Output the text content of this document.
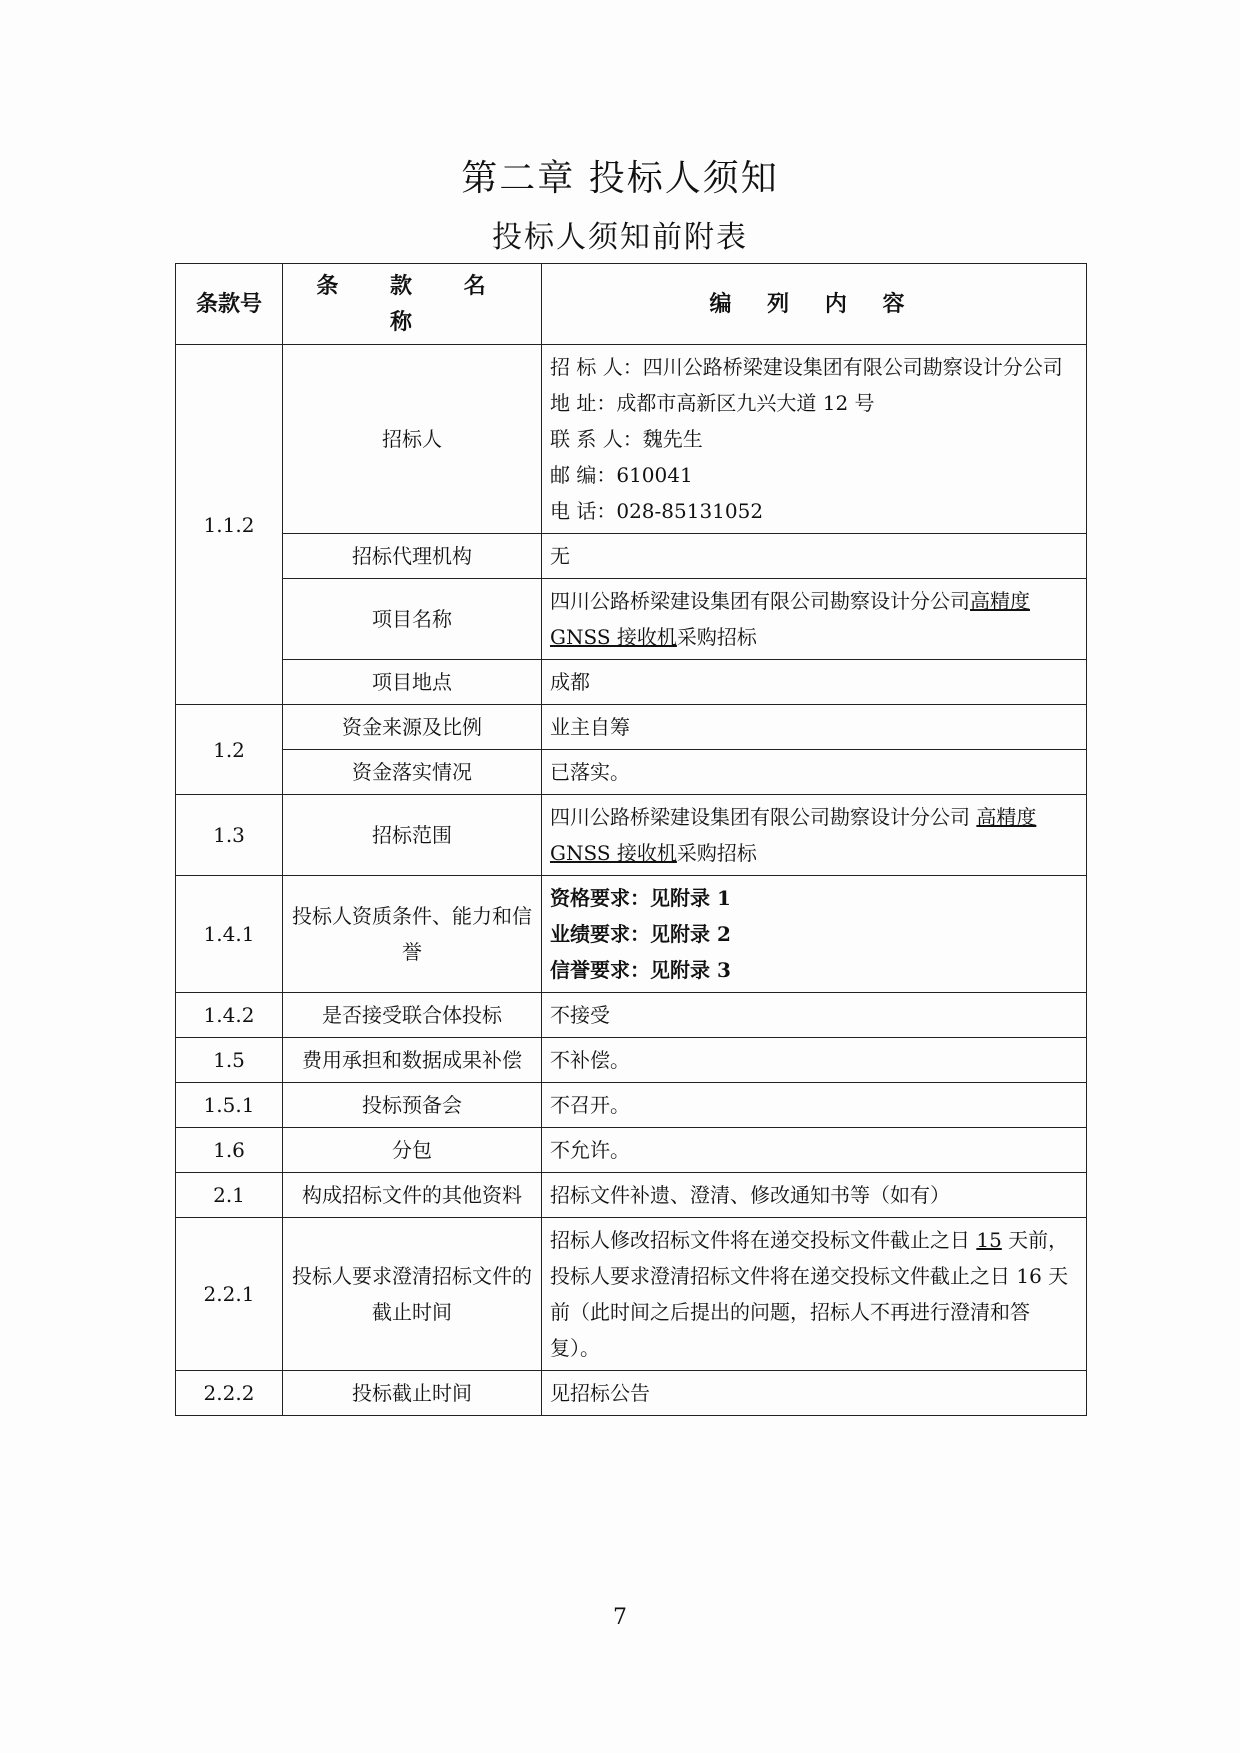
第二章 投标人须知
投标人须知前附表
条款号	条 款 名 称	编 列 内 容
1.1.2	招标人	招 标 人：四川公路桥梁建设集团有限公司勘察设计分公司
地 址：成都市高新区九兴大道 12 号
联 系 人：魏先生
邮 编：610041
电 话：028-85131052

	招标代理机构	无
	项目名称	四川公路桥梁建设集团有限公司勘察设计分公司高精度 GNSS 接收机采购招标
	项目地点	成都
1.2	资金来源及比例	业主自筹
	资金落实情况	已落实。
1.3	招标范围	四川公路桥梁建设集团有限公司勘察设计分公司 高精度 GNSS 接收机采购招标
1.4.1	投标人资质条件、能力和信誉	资格要求：见附录 1
业绩要求：见附录 2
信誉要求：见附录 3

1.4.2	是否接受联合体投标	不接受
1.5	费用承担和数据成果补偿	不补偿。
1.5.1	投标预备会	不召开。
1.6	分包	不允许。
2.1	构成招标文件的其他资料	招标文件补遗、澄清、修改通知书等（如有）
2.2.1	投标人要求澄清招标文件的截止时间	招标人修改招标文件将在递交投标文件截止之日 15 天前，投标人要求澄清招标文件将在递交投标文件截止之日 16 天前（此时间之后提出的问题，招标人不再进行澄清和答复）。
2.2.2	投标截止时间	见招标公告
7
